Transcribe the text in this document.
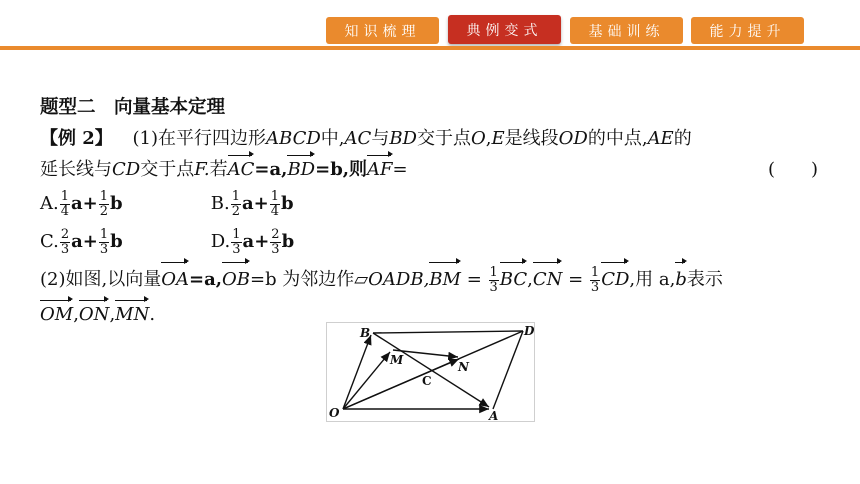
知识梳理	典例变式	基础训练	能力提升
题型二　向量基本定理
【例 2】 (1)在平行四边形ABCD中,AC与BD交于点O,E是线段OD的中点,AE的
延长线与CD交于点F.若AC=a,BD=b,则AF=	(　　)
A. $\frac{1}{4} a+ \frac{1}{2}$ b	B. $\frac{1}{2} a+ \frac{1}{4}$ b
C. $\frac{2}{3} a+ \frac{1}{3}$ b	D. $\frac{1}{3} a+ \frac{2}{3}$ b
(2)如图,以向量OA=a,OB=b 为邻边作▱OADB,BM = $\frac{1}{3} BC,CN = \frac{1}{3}$ CD,用 a,b表示
OM,ON,MN.
B	D
O	A
M	N
C
